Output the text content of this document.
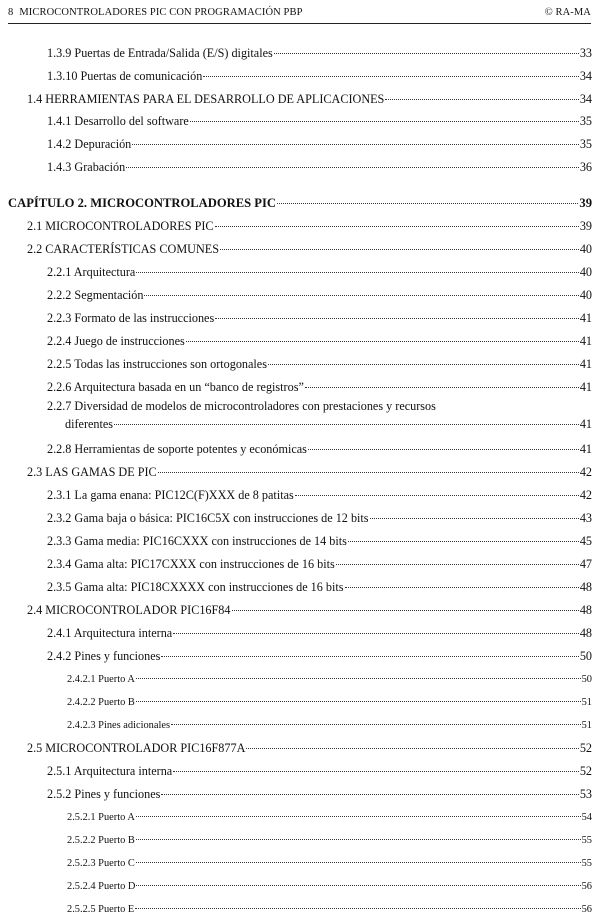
8 MICROCONTROLADORES PIC CON PROGRAMACIÓN PBP	© RA-MA
1.3.9 Puertas de Entrada/Salida (E/S) digitales	33
1.3.10 Puertas de comunicación	34
1.4 HERRAMIENTAS PARA EL DESARROLLO DE APLICACIONES	34
1.4.1 Desarrollo del software	35
1.4.2 Depuración	35
1.4.3 Grabación	36
CAPÍTULO 2. MICROCONTROLADORES PIC	39
2.1 MICROCONTROLADORES PIC	39
2.2 CARACTERÍSTICAS COMUNES	40
2.2.1 Arquitectura	40
2.2.2 Segmentación	40
2.2.3 Formato de las instrucciones	41
2.2.4 Juego de instrucciones	41
2.2.5 Todas las instrucciones son ortogonales	41
2.2.6 Arquitectura basada en un “banco de registros”	41
2.2.7 Diversidad de modelos de microcontroladores con prestaciones y recursos
diferentes	41
2.2.8 Herramientas de soporte potentes y económicas	41
2.3 LAS GAMAS DE PIC	42
2.3.1 La gama enana: PIC12C(F)XXX de 8 patitas	42
2.3.2 Gama baja o básica: PIC16C5X con instrucciones de 12 bits	43
2.3.3 Gama media: PIC16CXXX con instrucciones de 14 bits	45
2.3.4 Gama alta: PIC17CXXX con instrucciones de 16 bits	47
2.3.5 Gama alta: PIC18CXXXX con instrucciones de 16 bits	48
2.4 MICROCONTROLADOR PIC16F84	48
2.4.1 Arquitectura interna	48
2.4.2 Pines y funciones	50
2.4.2.1 Puerto A	50
2.4.2.2 Puerto B	51
2.4.2.3 Pines adicionales	51
2.5 MICROCONTROLADOR PIC16F877A	52
2.5.1 Arquitectura interna	52
2.5.2 Pines y funciones	53
2.5.2.1 Puerto A	54
2.5.2.2 Puerto B	55
2.5.2.3 Puerto C	55
2.5.2.4 Puerto D	56
2.5.2.5 Puerto E	56
